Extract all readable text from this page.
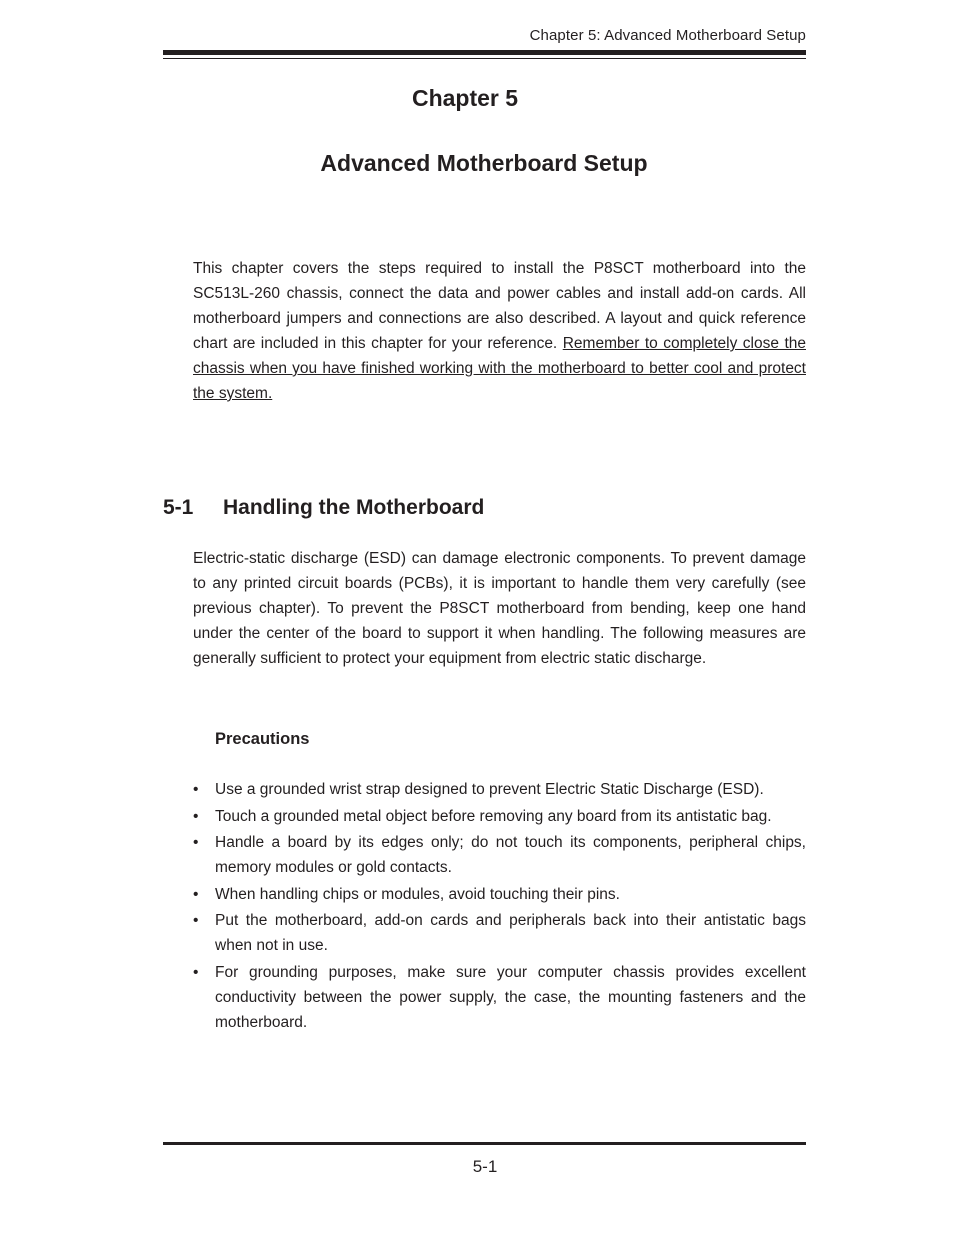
Chapter 5: Advanced Motherboard Setup
Chapter 5
Advanced Motherboard Setup

This chapter covers the steps required to install the P8SCT motherboard into the SC513L-260 chassis, connect the data and power cables and install add-on cards. All motherboard jumpers and connections are also described. A layout and quick reference chart are included in this chapter for your reference. Remember to completely close the chassis when you have finished working with the motherboard to better cool and protect the system.

5-1 Handling the Motherboard

Electric-static discharge (ESD) can damage electronic components. To prevent damage to any printed circuit boards (PCBs), it is important to handle them very carefully (see previous chapter). To prevent the P8SCT motherboard from bending, keep one hand under the center of the board to support it when handling. The following measures are generally sufficient to protect your equipment from electric static discharge.

Precautions
• Use a grounded wrist strap designed to prevent Electric Static Discharge (ESD).
• Touch a grounded metal object before removing any board from its antistatic bag.
• Handle a board by its edges only; do not touch its components, peripheral chips, memory modules or gold contacts.
• When handling chips or modules, avoid touching their pins.
• Put the motherboard, add-on cards and peripherals back into their antistatic bags when not in use.
• For grounding purposes, make sure your computer chassis provides excellent conductivity between the power supply, the case, the mounting fasteners and the motherboard.
5-1
